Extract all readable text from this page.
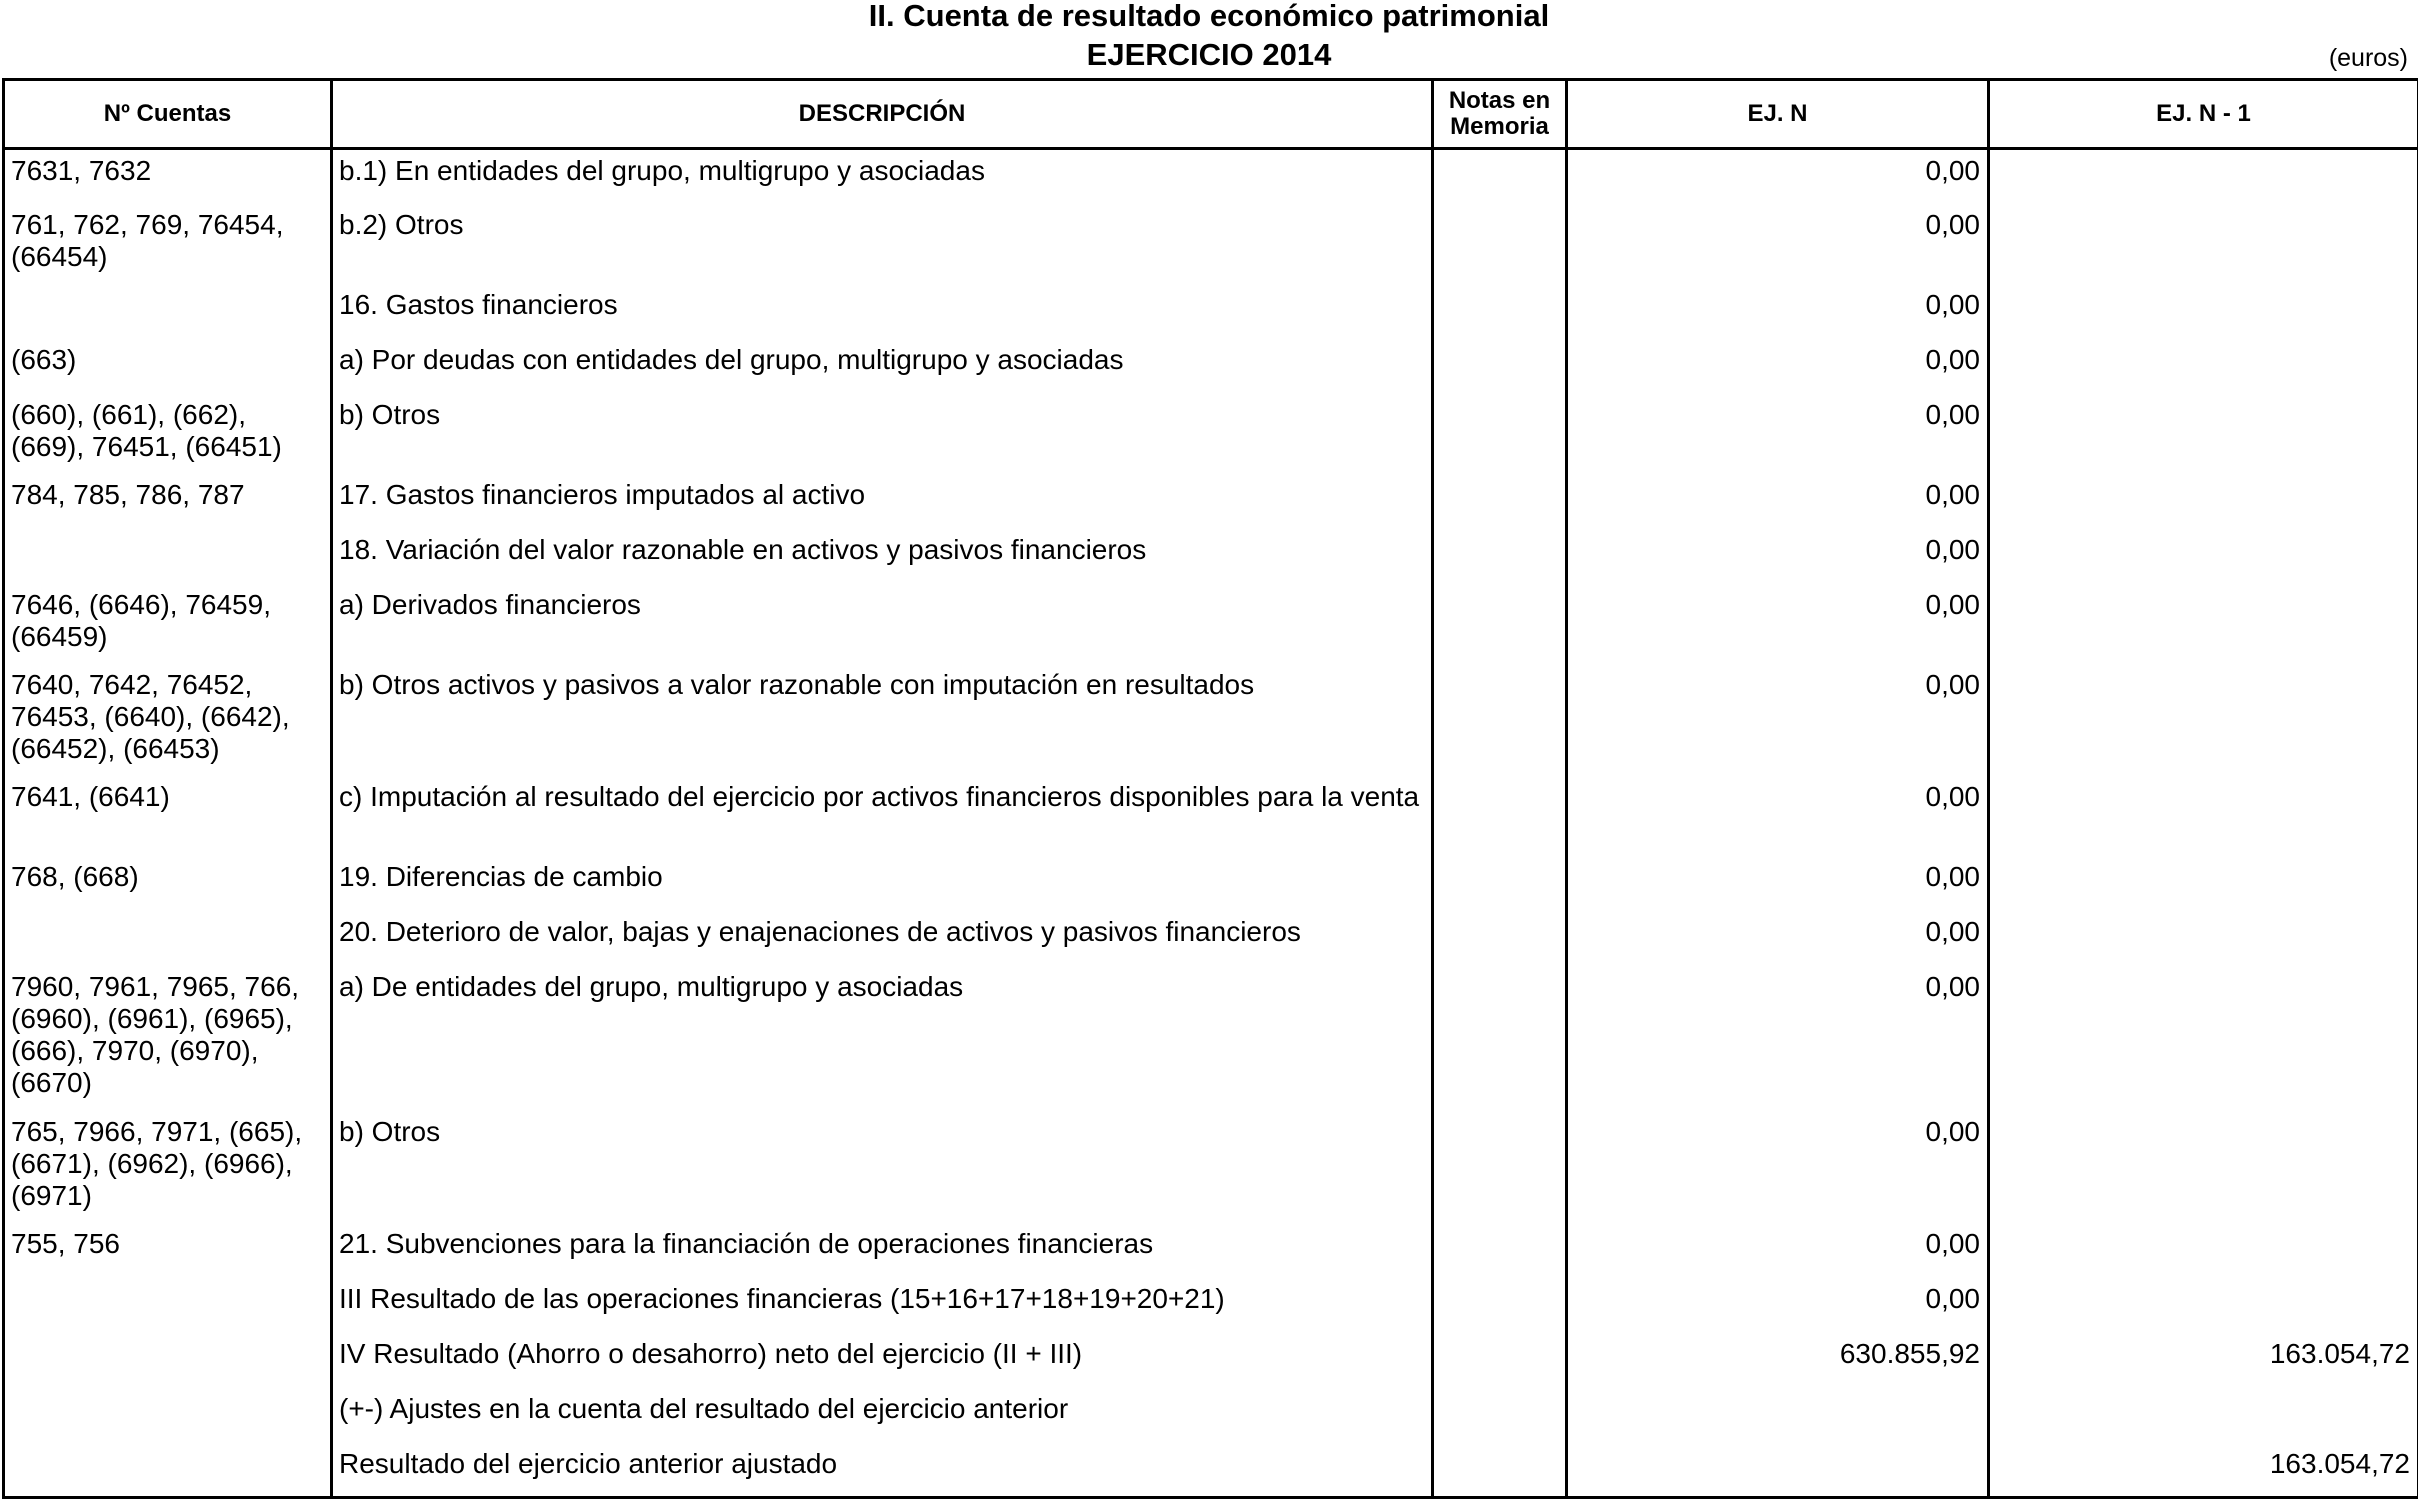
II. Cuenta de resultado económico patrimonial
EJERCICIO 2014	(euros)
Nº Cuentas	DESCRIPCIÓN	Notas en Memoria	EJ. N	EJ. N - 1
7631, 7632	b.1) En entidades del grupo, multigrupo y asociadas		0,00	
761, 762, 769, 76454, (66454)	b.2) Otros		0,00	
	16. Gastos financieros		0,00	
(663)	a) Por deudas con entidades del grupo, multigrupo y asociadas		0,00	
(660), (661), (662), (669), 76451, (66451)	b) Otros		0,00	
784, 785, 786, 787	17. Gastos financieros imputados al activo		0,00	
	18. Variación del valor razonable en activos y pasivos financieros		0,00	
7646, (6646), 76459, (66459)	a) Derivados financieros		0,00	
7640, 7642, 76452, 76453, (6640), (6642), (66452), (66453)	b) Otros activos y pasivos a valor razonable con imputación en resultados		0,00	
7641, (6641)	c) Imputación al resultado del ejercicio por activos financieros disponibles para la venta		0,00	
768, (668)	19. Diferencias de cambio		0,00	
	20. Deterioro de valor, bajas y enajenaciones de activos y pasivos financieros		0,00	
7960, 7961, 7965, 766, (6960), (6961), (6965), (666), 7970, (6970), (6670)	a) De entidades del grupo, multigrupo y asociadas		0,00	
765, 7966, 7971, (665), (6671), (6962), (6966), (6971)	b) Otros		0,00	
755, 756	21. Subvenciones para la financiación de operaciones financieras		0,00	
	III Resultado de las operaciones financieras (15+16+17+18+19+20+21)		0,00	
	IV Resultado (Ahorro o desahorro) neto del ejercicio (II + III)		630.855,92	163.054,72
	(+-) Ajustes en la cuenta del resultado del ejercicio anterior			
	Resultado del ejercicio anterior ajustado			163.054,72
